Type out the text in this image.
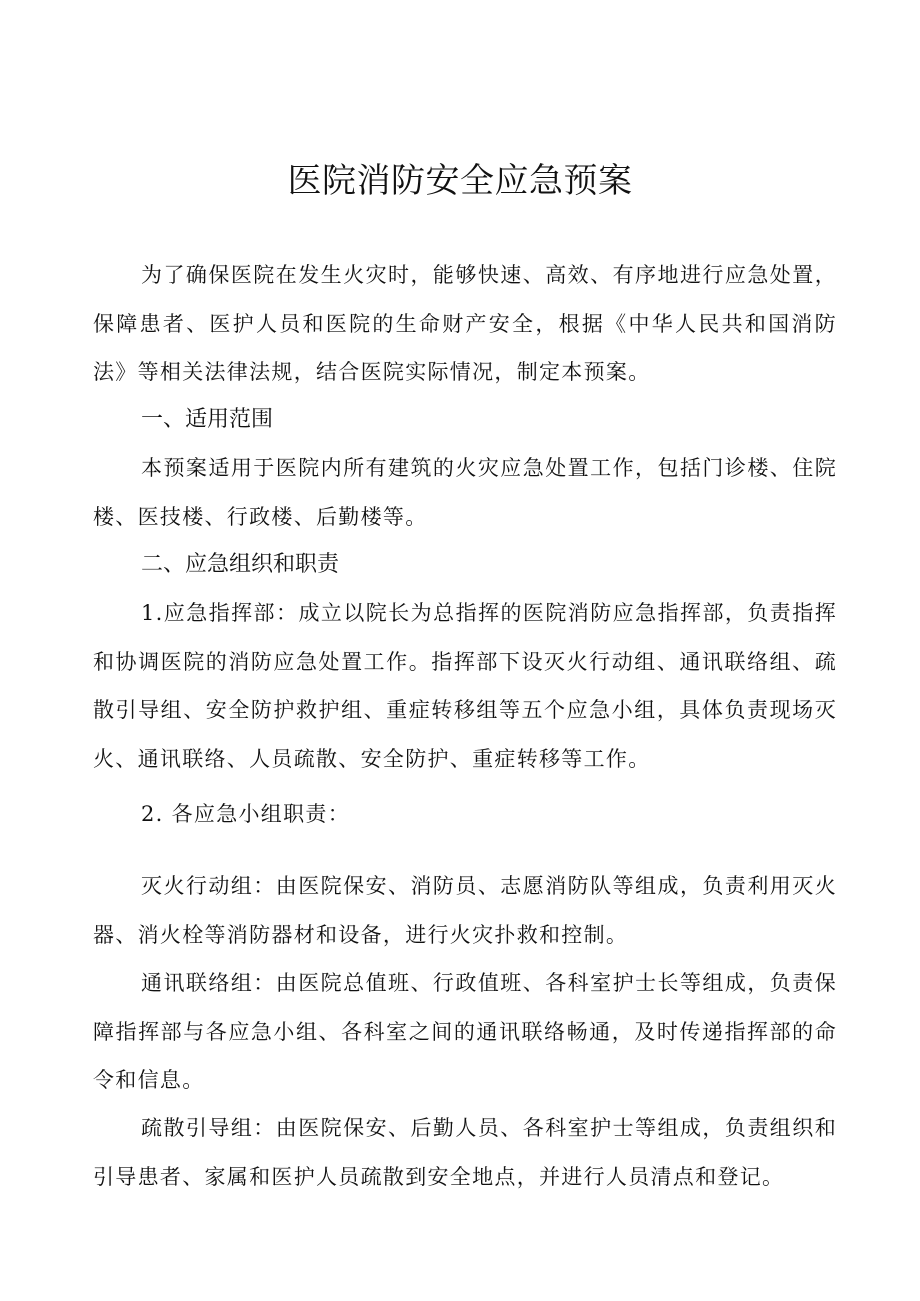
医院消防安全应急预案

为了确保医院在发生火灾时，能够快速、高效、有序地进行应急处置，保障患者、医护人员和医院的生命财产安全，根据《中华人民共和国消防法》等相关法律法规，结合医院实际情况，制定本预案。

一、适用范围

本预案适用于医院内所有建筑的火灾应急处置工作，包括门诊楼、住院楼、医技楼、行政楼、后勤楼等。

二、应急组织和职责

1.应急指挥部：成立以院长为总指挥的医院消防应急指挥部，负责指挥和协调医院的消防应急处置工作。指挥部下设灭火行动组、通讯联络组、疏散引导组、安全防护救护组、重症转移组等五个应急小组，具体负责现场灭火、通讯联络、人员疏散、安全防护、重症转移等工作。

2. 各应急小组职责：

灭火行动组：由医院保安、消防员、志愿消防队等组成，负责利用灭火器、消火栓等消防器材和设备，进行火灾扑救和控制。

通讯联络组：由医院总值班、行政值班、各科室护士长等组成，负责保障指挥部与各应急小组、各科室之间的通讯联络畅通，及时传递指挥部的命令和信息。

疏散引导组：由医院保安、后勤人员、各科室护士等组成，负责组织和引导患者、家属和医护人员疏散到安全地点，并进行人员清点和登记。
